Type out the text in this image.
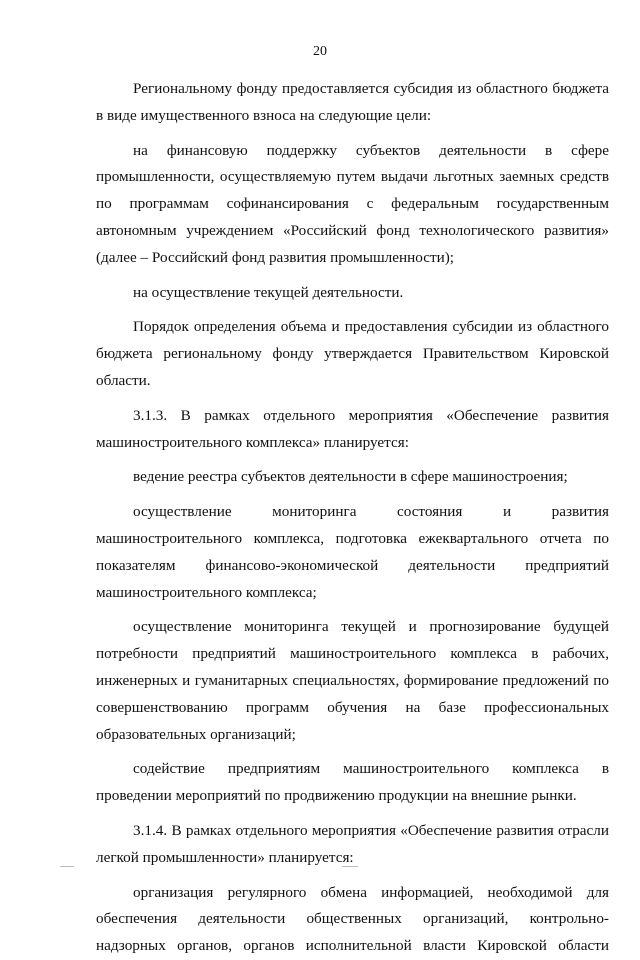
20

Региональному фонду предоставляется субсидия из областного бюджета в виде имущественного взноса на следующие цели:

на финансовую поддержку субъектов деятельности в сфере промышленности, осуществляемую путем выдачи льготных заемных средств по программам софинансирования с федеральным государственным автономным учреждением «Российский фонд технологического развития» (далее – Российский фонд развития промышленности);

на осуществление текущей деятельности.

Порядок определения объема и предоставления субсидии из областного бюджета региональному фонду утверждается Правительством Кировской области.

3.1.3. В рамках отдельного мероприятия «Обеспечение развития машиностроительного комплекса» планируется:

ведение реестра субъектов деятельности в сфере машиностроения;

осуществление мониторинга состояния и развития машиностроительного комплекса, подготовка ежеквартального отчета по показателям финансово-экономической деятельности предприятий машиностроительного комплекса;

осуществление мониторинга текущей и прогнозирование будущей потребности предприятий машиностроительного комплекса в рабочих, инженерных и гуманитарных специальностях, формирование предложений по совершенствованию программ обучения на базе профессиональных образовательных организаций;

содействие предприятиям машиностроительного комплекса в проведении мероприятий по продвижению продукции на внешние рынки.

3.1.4. В рамках отдельного мероприятия «Обеспечение развития отрасли легкой промышленности» планируется:

организация регулярного обмена информацией, необходимой для обеспечения деятельности общественных организаций, контрольно-надзорных органов, органов исполнительной власти Кировской области
